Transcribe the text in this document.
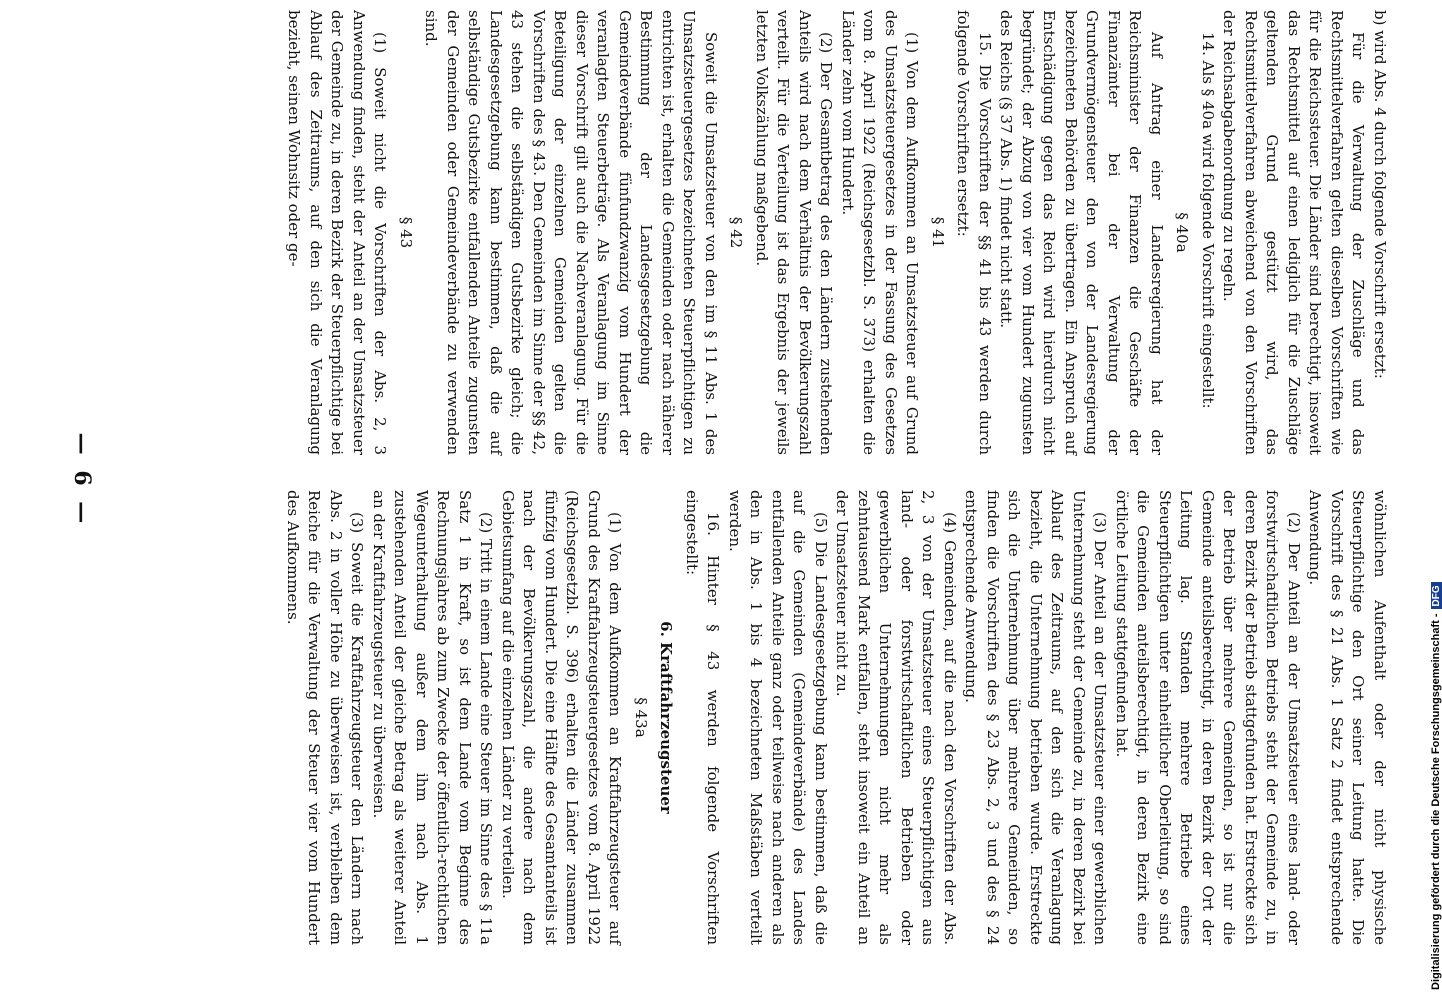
— 6 —

b) wird Abs. 4 durch folgende Vorschrift ersetzt:

Für die Verwaltung der Zuschläge und das Rechtsmittelverfahren gelten dieselben Vorschriften wie für die Reichssteuer. Die Länder sind berechtigt, insoweit das Rechtsmittel auf einen lediglich für die Zuschläge geltenden Grund gestützt wird, das Rechtsmittelverfahren abweichend von den Vorschriften der Reichsabgabenordnung zu regeln.

14. Als § 40a wird folgende Vorschrift eingestellt:

§ 40a

Auf Antrag einer Landesregierung hat der Reichsminister der Finanzen die Geschäfte der Finanzämter bei der Verwaltung der Grundvermögensteuer den von der Landesregierung bezeichneten Behörden zu übertragen. Ein Anspruch auf Entschädigung gegen das Reich wird hierdurch nicht begründet; der Abzug von vier vom Hundert zugunsten des Reichs (§ 37 Abs. 1) findet nicht statt.

15. Die Vorschriften der §§ 41 bis 43 werden durch folgende Vorschriften ersetzt:

§ 41

(1) Von dem Aufkommen an Umsatzsteuer auf Grund des Umsatzsteuergesetzes in der Fassung des Gesetzes vom 8. April 1922 (Reichsgesetzbl. S. 373) erhalten die Länder zehn vom Hundert.

(2) Der Gesamtbetrag des den Ländern zustehenden Anteils wird nach dem Verhältnis der Bevölkerungszahl verteilt. Für die Verteilung ist das Ergebnis der jeweils letzten Volkszählung maßgebend.

§ 42

Soweit die Umsatzsteuer von den im § 11 Abs. 1 des Umsatzsteuergesetzes bezeichneten Steuerpflichtigen zu entrichten ist, erhalten die Gemeinden oder nach näherer Bestimmung der Landesgesetzgebung die Gemeindeverbände fünfundzwanzig vom Hundert der veranlagten Steuerbeträge. Als Veranlagung im Sinne dieser Vorschrift gilt auch die Nachveranlagung. Für die Beteiligung der einzelnen Gemeinden gelten die Vorschriften des § 43. Den Gemeinden im Sinne der §§ 42, 43 stehen die selbständigen Gutsbezirke gleich; die Landesgesetzgebung kann bestimmen, daß die auf selbständige Gutsbezirke entfallenden Anteile zugunsten der Gemeinden oder Gemeindeverbände zu verwenden sind.

§ 43

(1) Soweit nicht die Vorschriften der Abs. 2, 3 Anwendung finden, steht der Anteil an der Umsatzsteuer der Gemeinde zu, in deren Bezirk der Steuerpflichtige bei Ablauf des Zeitraums, auf den sich die Veranlagung bezieht, seinen Wohnsitz oder ge-

wöhnlichen Aufenthalt oder der nicht physische Steuerpflichtige den Ort seiner Leitung hatte. Die Vorschrift des § 21 Abs. 1 Satz 2 findet entsprechende Anwendung.

(2) Der Anteil an der Umsatzsteuer eines land- oder forstwirtschaftlichen Betriebs steht der Gemeinde zu, in deren Bezirk der Betrieb stattgefunden hat. Erstreckte sich der Betrieb über mehrere Gemeinden, so ist nur die Gemeinde anteilsberechtigt, in deren Bezirk der Ort der Leitung lag. Standen mehrere Betriebe eines Steuerpflichtigen unter einheitlicher Oberleitung, so sind die Gemeinden anteilsberechtigt, in deren Bezirk eine örtliche Leitung stattgefunden hat.

(3) Der Anteil an der Umsatzsteuer einer gewerblichen Unternehmung steht der Gemeinde zu, in deren Bezirk bei Ablauf des Zeitraums, auf den sich die Veranlagung bezieht, die Unternehmung betrieben wurde. Erstreckte sich die Unternehmung über mehrere Gemeinden, so finden die Vorschriften des § 23 Abs. 2, 3 und des § 24 entsprechende Anwendung.

(4) Gemeinden, auf die nach den Vorschriften der Abs. 2, 3 von der Umsatzsteuer eines Steuerpflichtigen aus land- oder forstwirtschaftlichen Betrieben oder gewerblichen Unternehmungen nicht mehr als zehntausend Mark entfallen, steht insoweit ein Anteil an der Umsatzsteuer nicht zu.

(5) Die Landesgesetzgebung kann bestimmen, daß die auf die Gemeinden (Gemeindeverbände) des Landes entfallenden Anteile ganz oder teilweise nach anderen als den in Abs. 1 bis 4 bezeichneten Maßstäben verteilt werden.

16. Hinter § 43 werden folgende Vorschriften eingestellt:

6. Kraftfahrzeugsteuer

§ 43a

(1) Von dem Aufkommen an Kraftfahrzeugsteuer auf Grund des Kraftfahrzeugsteuergesetzes vom 8. April 1922 (Reichsgesetzbl. S. 396) erhalten die Länder zusammen fünfzig vom Hundert. Die eine Hälfte des Gesamtanteils ist nach der Bevölkerungszahl, die andere nach dem Gebietsumfang auf die einzelnen Länder zu verteilen.

(2) Tritt in einem Lande eine Steuer im Sinne des § 11a Satz 1 in Kraft, so ist dem Lande vom Beginne des Rechnungsjahres ab zum Zwecke der öffentlich-rechtlichen Wegeunterhaltung außer dem ihm nach Abs. 1 zustehenden Anteil der gleiche Betrag als weiterer Anteil an der Kraftfahrzeugsteuer zu überweisen.

(3) Soweit die Kraftfahrzeugsteuer den Ländern nach Abs. 2 in voller Höhe zu überweisen ist, verbleiben dem Reiche für die Verwaltung der Steuer vier vom Hundert des Aufkommens.

Digitalisierung gefördert durch die Deutsche Forschungsgemeinschaft -DFG
